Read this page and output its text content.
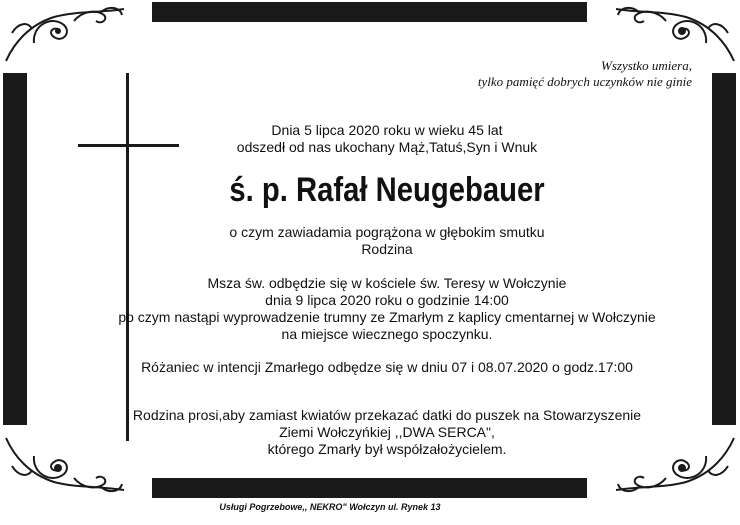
Wszystko umiera,
tylko pamięć dobrych uczynków nie ginie
Dnia 5 lipca 2020 roku w wieku 45 lat
odszedł od nas ukochany Mąż,Tatuś,Syn i Wnuk
ś. p. Rafał Neugebauer
o czym zawiadamia pogrążona w głębokim smutku
Rodzina
Msza św. odbędzie się w kościele św. Teresy w Wołczynie
dnia 9 lipca 2020 roku o godzinie 14:00
po czym nastąpi wyprowadzenie trumny ze Zmarłym z kaplicy cmentarnej w Wołczynie
na miejsce wiecznego spoczynku.
Różaniec w intencji Zmarłego odbędze się w dniu 07 i 08.07.2020 o godz.17:00
Rodzina prosi,aby zamiast kwiatów przekazać datki do puszek na Stowarzyszenie
Ziemi Wołczyńkiej ,,DWA SERCA",
którego Zmarły był współzałożycielem.
Usługi Pogrzebowe,, NEKRO" Wołczyn ul. Rynek 13
